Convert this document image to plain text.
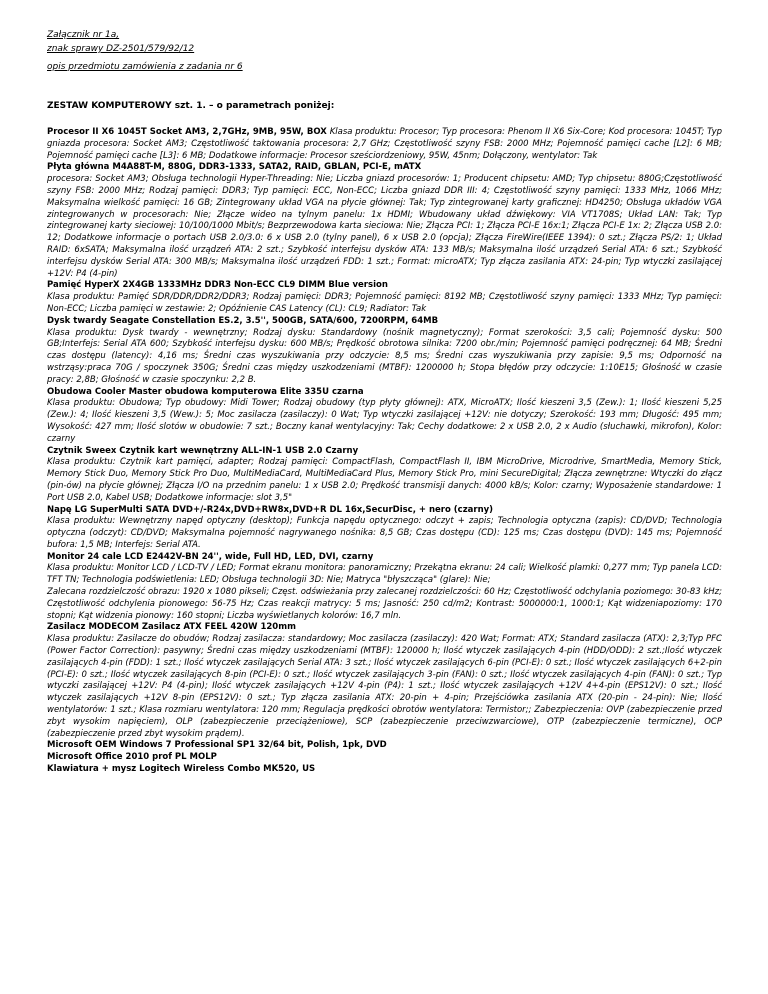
Załącznik nr 1a,
znak sprawy DZ-2501/579/92/12
opis przedmiotu zamówienia z zadania nr 6
ZESTAW KOMPUTEROWY szt. 1. – o parametrach poniżej:
Procesor II X6 1045T Socket AM3, 2,7GHz, 9MB, 95W, BOX Klasa produktu: Procesor; Typ procesora: Phenom II X6 Six-Core; Kod procesora: 1045T; Typ gniazda procesora: Socket AM3; Częstotliwość taktowania procesora: 2,7 GHz; Częstotliwość szyny FSB: 2000 MHz; Pojemność pamięci cache [L2]: 6 MB; Pojemność pamięci cache [L3]: 6 MB; Dodatkowe informacje: Procesor sześciordzeniowy, 95W, 45nm; Dołączony, wentylator: Tak
Płyta główna M4A88T-M, 880G, DDR3-1333, SATA2, RAID, GBLAN, PCI-E, mATX
procesora: Socket AM3; Obsługa technologii Hyper-Threading: Nie; Liczba gniazd procesorów: 1; Producent chipsetu: AMD; Typ chipsetu: 880G;Częstotliwość szyny FSB: 2000 MHz; Rodzaj pamięci: DDR3; Typ pamięci: ECC, Non-ECC; Liczba gniazd DDR III: 4; Częstotliwość szyny pamięci: 1333 MHz, 1066 MHz; Maksymalna wielkość pamięci: 16 GB; Zintegrowany układ VGA na płycie głównej: Tak; Typ zintegrowanej karty graficznej: HD4250; Obsługa układów VGA zintegrowanych w procesorach: Nie; Złącze wideo na tylnym panelu: 1x HDMI; Wbudowany układ dźwiękowy: VIA VT1708S; Układ LAN: Tak; Typ zintegrowanej karty sieciowej: 10/100/1000 Mbit/s; Bezprzewodowa karta sieciowa: Nie; Złącza PCI: 1; Złącza PCI-E 16x:1; Złącza PCI-E 1x: 2; Złącza USB 2.0: 12; Dodatkowe informacje o portach USB 2.0/3.0: 6 x USB 2.0 (tylny panel), 6 x USB 2.0 (opcja); Złącza FireWire(IEEE 1394): 0 szt.; Złącza PS/2: 1; Układ RAID: 6xSATA; Maksymalna ilość urządzeń ATA: 2 szt.; Szybkość interfejsu dysków ATA: 133 MB/s; Maksymalna ilość urządzeń Serial ATA: 6 szt.; Szybkość interfejsu dysków Serial ATA: 300 MB/s; Maksymalna ilość urządzeń FDD: 1 szt.; Format: microATX; Typ złącza zasilania ATX: 24-pin; Typ wtyczki zasilającej +12V: P4 (4-pin)
Pamięć HyperX 2X4GB 1333MHz DDR3 Non-ECC CL9 DIMM Blue version
Klasa produktu: Pamięć SDR/DDR/DDR2/DDR3; Rodzaj pamięci: DDR3; Pojemność pamięci: 8192 MB; Częstotliwość szyny pamięci: 1333 MHz; Typ pamięci: Non-ECC; Liczba pamięci w zestawie: 2; Opóźnienie CAS Latency (CL): CL9; Radiator: Tak
Dysk twardy Seagate Constellation ES.2, 3.5'', 500GB, SATA/600, 7200RPM, 64MB
Klasa produktu: Dysk twardy - wewnętrzny; Rodzaj dysku: Standardowy (nośnik magnetyczny); Format szerokości: 3,5 cali; Pojemność dysku: 500 GB;Interfejs: Serial ATA 600; Szybkość interfejsu dysku: 600 MB/s; Prędkość obrotowa silnika: 7200 obr./min; Pojemność pamięci podręcznej: 64 MB; Średni czas dostępu (latency): 4,16 ms; Średni czas wyszukiwania przy odczycie: 8,5 ms; Średni czas wyszukiwania przy zapisie: 9,5 ms; Odporność na wstrząsy:praca 70G / spoczynek 350G; Średni czas między uszkodzeniami (MTBF): 1200000 h; Stopa błędów przy odczycie: 1:10E15; Głośność w czasie pracy: 2,8B; Głośność w czasie spoczynku: 2,2 B.
Obudowa Cooler Master obudowa komputerowa Elite 335U czarna
Klasa produktu: Obudowa; Typ obudowy: Midi Tower; Rodzaj obudowy (typ płyty głównej): ATX, MicroATX; Ilość kieszeni 3,5 (Zew.): 1; Ilość kieszeni 5,25 (Zew.): 4; Ilość kieszeni 3,5 (Wew.): 5; Moc zasilacza (zasilaczy): 0 Wat; Typ wtyczki zasilającej +12V: nie dotyczy; Szerokość: 193 mm; Długość: 495 mm; Wysokość: 427 mm; Ilość slotów w obudowie: 7 szt.; Boczny kanał wentylacyjny: Tak; Cechy dodatkowe: 2 x USB 2.0, 2 x Audio (słuchawki, mikrofon), Kolor: czarny
Czytnik Sweex Czytnik kart wewnętrzny ALL-IN-1 USB 2.0 Czarny
Klasa produktu: Czytnik kart pamięci, adapter; Rodzaj pamięci: CompactFlash, CompactFlash II, IBM MicroDrive, Microdrive, SmartMedia, Memory Stick, Memory Stick Duo, Memory Stick Pro Duo, MultiMediaCard, MultiMediaCard Plus, Memory Stick Pro, mini SecureDigital; Złącza zewnętrzne: Wtyczki do złącz (pin-ów) na płycie głównej; Złącza I/O na przednim panelu: 1 x USB 2.0; Prędkość transmisji danych: 4000 kB/s; Kolor: czarny; Wyposażenie standardowe: 1 Port USB 2.0, Kabel USB; Dodatkowe informacje: slot 3,5"
Napę LG SuperMulti SATA DVD+/-R24x,DVD+RW8x,DVD+R DL 16x,SecurDisc, + nero (czarny)
Klasa produktu: Wewnętrzny napęd optyczny (desktop); Funkcja napędu optycznego: odczyt + zapis; Technologia optyczna (zapis): CD/DVD; Technologia optyczna (odczyt): CD/DVD; Maksymalna pojemność nagrywanego nośnika: 8,5 GB; Czas dostępu (CD): 125 ms; Czas dostępu (DVD): 145 ms; Pojemność bufora: 1,5 MB; Interfejs: Serial ATA.
Monitor 24 cale LCD E2442V-BN 24'', wide, Full HD, LED, DVI, czarny
Klasa produktu: Monitor LCD / LCD-TV / LED; Format ekranu monitora: panoramiczny; Przekątna ekranu: 24 cali; Wielkość plamki: 0,277 mm; Typ panela LCD: TFT TN; Technologia podświetlenia: LED; Obsługa technologii 3D: Nie; Matryca "błyszcząca" (glare): Nie;
Zalecana rozdzielczość obrazu: 1920 x 1080 pikseli; Częst. odświeżania przy zalecanej rozdzielczości: 60 Hz; Częstotliwość odchylania poziomego: 30-83 kHz; Częstotliwość odchylenia pionowego: 56-75 Hz; Czas reakcji matrycy: 5 ms; Jasność: 250 cd/m2; Kontrast: 5000000:1, 1000:1; Kąt widzeniapoziomy: 170 stopni; Kąt widzenia pionowy: 160 stopni; Liczba wyświetlanych kolorów: 16,7 mln.
Zasilacz MODECOM Zasilacz ATX FEEL 420W 120mm
Klasa produktu: Zasilacze do obudów; Rodzaj zasilacza: standardowy; Moc zasilacza (zasilaczy): 420 Wat; Format: ATX; Standard zasilacza (ATX): 2,3;Typ PFC (Power Factor Correction): pasywny; Średni czas między uszkodzeniami (MTBF): 120000 h; Ilość wtyczek zasilających 4-pin (HDD/ODD): 2 szt.;Ilość wtyczek zasilających 4-pin (FDD): 1 szt.; Ilość wtyczek zasilających Serial ATA: 3 szt.; Ilość wtyczek zasilających 6-pin (PCI-E): 0 szt.; Ilość wtyczek zasilających 6+2-pin (PCI-E): 0 szt.; Ilość wtyczek zasilających 8-pin (PCI-E): 0 szt.; Ilość wtyczek zasilających 3-pin (FAN): 0 szt.; Ilość wtyczek zasilających 4-pin (FAN): 0 szt.; Typ wtyczki zasilającej +12V: P4 (4-pin); Ilość wtyczek zasilających +12V 4-pin (P4): 1 szt.; Ilość wtyczek zasilających +12V 4+4-pin (EPS12V): 0 szt.; Ilość wtyczek zasilających +12V 8-pin (EPS12V): 0 szt.; Typ złącza zasilania ATX: 20-pin + 4-pin; Przejściówka zasilania ATX (20-pin - 24-pin): Nie; Ilość wentylatorów: 1 szt.; Klasa rozmiaru wentylatora: 120 mm; Regulacja prędkości obrotów wentylatora: Termistor;; Zabezpieczenia: OVP (zabezpieczenie przed zbyt wysokim napięciem), OLP (zabezpieczenie przeciążeniowe), SCP (zabezpieczenie przeciwzwarciowe), OTP (zabezpieczenie termiczne), OCP (zabezpieczenie przed zbyt wysokim prądem).
Microsoft OEM Windows 7 Professional SP1 32/64 bit, Polish, 1pk, DVD
Microsoft Office 2010 prof PL MOLP
Klawiatura + mysz Logitech Wireless Combo MK520, US
